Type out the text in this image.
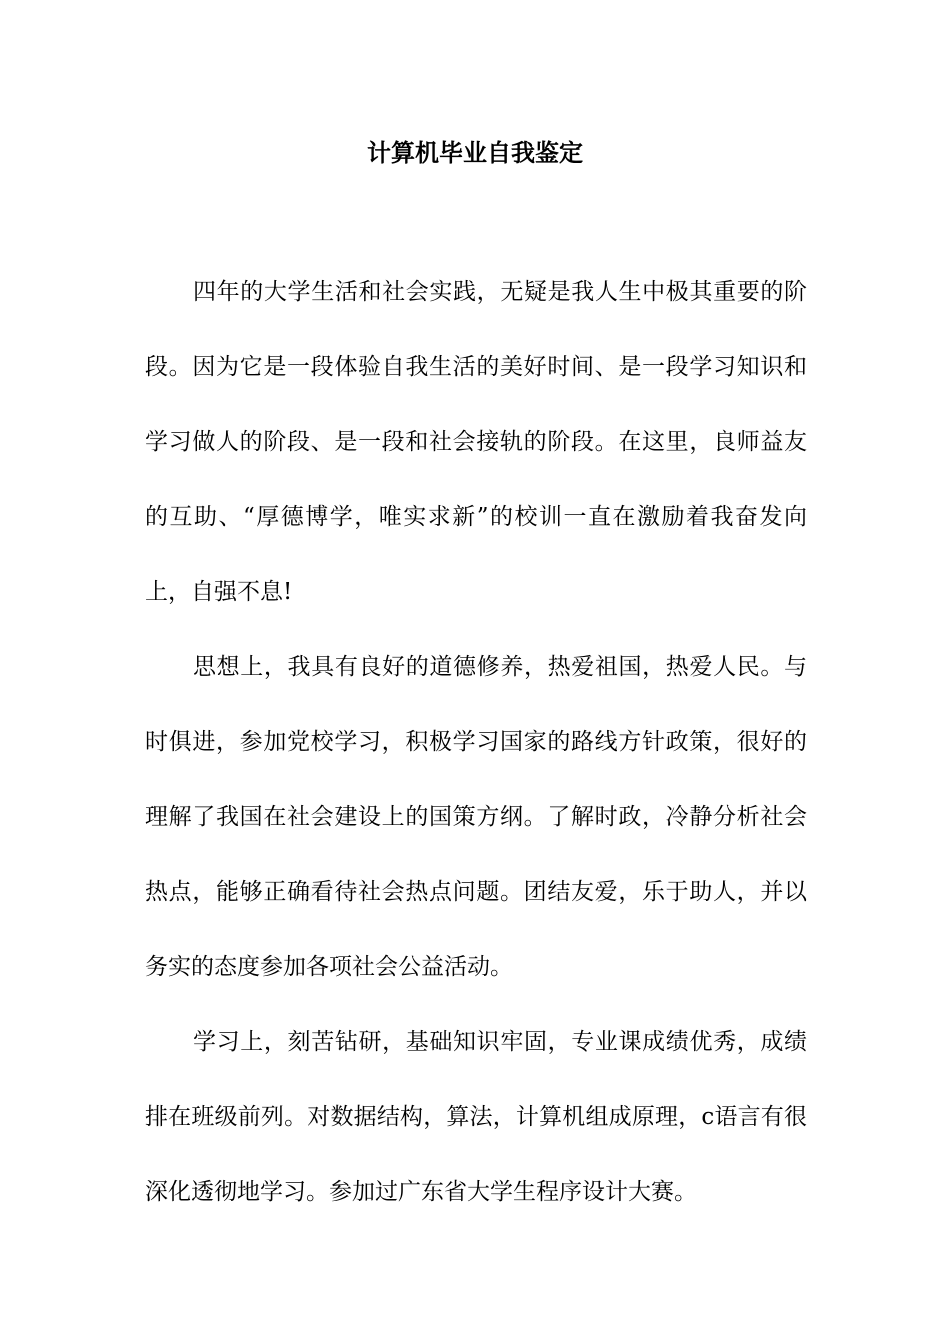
计算机毕业自我鉴定

四年的大学生活和社会实践，无疑是我人生中极其重要的阶段。因为它是一段体验自我生活的美好时间、是一段学习知识和学习做人的阶段、是一段和社会接轨的阶段。在这里，良师益友的互助、“厚德博学，唯实求新”的校训一直在激励着我奋发向上，自强不息!

思想上，我具有良好的道德修养，热爱祖国，热爱人民。与时俱进，参加党校学习，积极学习国家的路线方针政策，很好的理解了我国在社会建设上的国策方纲。了解时政，冷静分析社会热点，能够正确看待社会热点问题。团结友爱，乐于助人，并以务实的态度参加各项社会公益活动。

学习上，刻苦钻研，基础知识牢固，专业课成绩优秀，成绩排在班级前列。对数据结构，算法，计算机组成原理，c语言有很深化透彻地学习。参加过广东省大学生程序设计大赛。
